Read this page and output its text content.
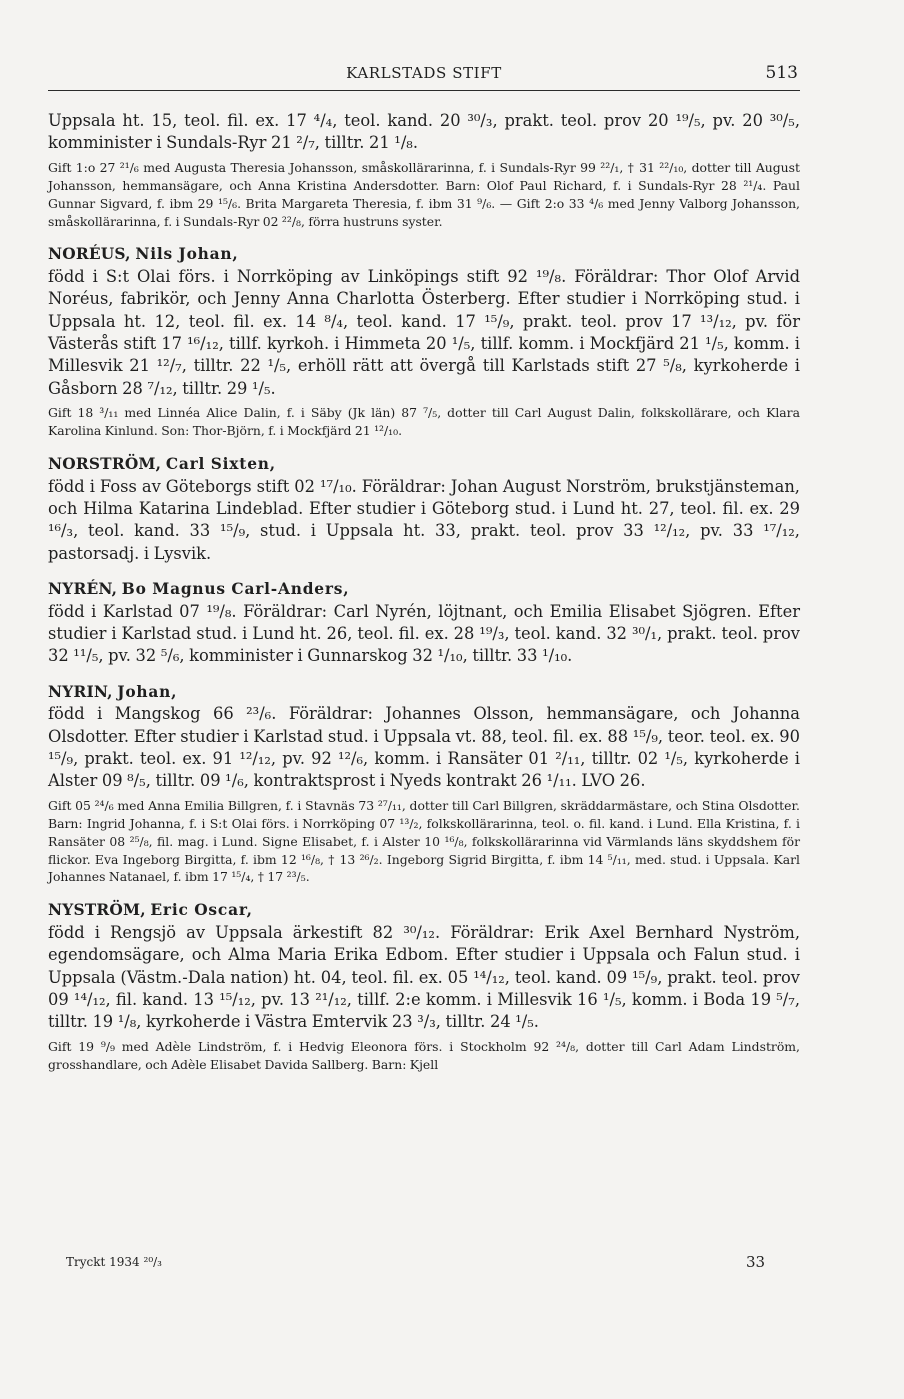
KARLSTADS STIFT	513

Uppsala ht. 15, teol. fil. ex. 17 ⁴/₄, teol. kand. 20 ³⁰/₃, prakt. teol. prov 20 ¹⁹/₅, pv. 20 ³⁰/₅, komminister i Sundals-Ryr 21 ²/₇, tilltr. 21 ¹/₈.

Gift 1:o 27 ²¹/₆ med Augusta Theresia Johansson, småskollärarinna, f. i Sundals-Ryr 99 ²²/₁, † 31 ²²/₁₀, dotter till August Johansson, hemmansägare, och Anna Kristina Andersdotter. Barn: Olof Paul Richard, f. i Sundals-Ryr 28 ²¹/₄. Paul Gunnar Sigvard, f. ibm 29 ¹⁵/₆. Brita Margareta Theresia, f. ibm 31 ⁹/₆. — Gift 2:o 33 ⁴/₆ med Jenny Valborg Johansson, småskollärarinna, f. i Sundals-Ryr 02 ²²/₈, förra hustruns syster.

NORÉUS, Nils Johan,

född i S:t Olai förs. i Norrköping av Linköpings stift 92 ¹⁹/₈. Föräldrar: Thor Olof Arvid Noréus, fabrikör, och Jenny Anna Charlotta Österberg. Efter studier i Norrköping stud. i Uppsala ht. 12, teol. fil. ex. 14 ⁸/₄, teol. kand. 17 ¹⁵/₉, prakt. teol. prov 17 ¹³/₁₂, pv. för Västerås stift 17 ¹⁶/₁₂, tillf. kyrkoh. i Himmeta 20 ¹/₅, tillf. komm. i Mockfjärd 21 ¹/₅, komm. i Millesvik 21 ¹²/₇, tilltr. 22 ¹/₅, erhöll rätt att övergå till Karlstads stift 27 ⁵/₈, kyrkoherde i Gåsborn 28 ⁷/₁₂, tilltr. 29 ¹/₅.

Gift 18 ³/₁₁ med Linnéa Alice Dalin, f. i Säby (Jk län) 87 ⁷/₅, dotter till Carl August Dalin, folkskollärare, och Klara Karolina Kinlund. Son: Thor-Björn, f. i Mockfjärd 21 ¹²/₁₀.

NORSTRÖM, Carl Sixten,

född i Foss av Göteborgs stift 02 ¹⁷/₁₀. Föräldrar: Johan August Norström, brukstjänsteman, och Hilma Katarina Lindeblad. Efter studier i Göteborg stud. i Lund ht. 27, teol. fil. ex. 29 ¹⁶/₃, teol. kand. 33 ¹⁵/₉, stud. i Uppsala ht. 33, prakt. teol. prov 33 ¹²/₁₂, pv. 33 ¹⁷/₁₂, pastorsadj. i Lysvik.

NYRÉN, Bo Magnus Carl-Anders,

född i Karlstad 07 ¹⁹/₈. Föräldrar: Carl Nyrén, löjtnant, och Emilia Elisabet Sjögren. Efter studier i Karlstad stud. i Lund ht. 26, teol. fil. ex. 28 ¹⁹/₃, teol. kand. 32 ³⁰/₁, prakt. teol. prov 32 ¹¹/₅, pv. 32 ⁵/₆, komminister i Gunnarskog 32 ¹/₁₀, tilltr. 33 ¹/₁₀.

NYRIN, Johan,

född i Mangskog 66 ²³/₆. Föräldrar: Johannes Olsson, hemmansägare, och Johanna Olsdotter. Efter studier i Karlstad stud. i Uppsala vt. 88, teol. fil. ex. 88 ¹⁵/₉, teor. teol. ex. 90 ¹⁵/₉, prakt. teol. ex. 91 ¹²/₁₂, pv. 92 ¹²/₆, komm. i Ransäter 01 ²/₁₁, tilltr. 02 ¹/₅, kyrkoherde i Alster 09 ⁸/₅, tilltr. 09 ¹/₆, kontraktsprost i Nyeds kontrakt 26 ¹/₁₁. LVO 26.

Gift 05 ²⁴/₆ med Anna Emilia Billgren, f. i Stavnäs 73 ²⁷/₁₁, dotter till Carl Billgren, skräddarmästare, och Stina Olsdotter. Barn: Ingrid Johanna, f. i S:t Olai förs. i Norrköping 07 ¹³/₂, folkskollärarinna, teol. o. fil. kand. i Lund. Ella Kristina, f. i Ransäter 08 ²⁵/₈, fil. mag. i Lund. Signe Elisabet, f. i Alster 10 ¹⁶/₈, folkskollärarinna vid Värmlands läns skyddshem för flickor. Eva Ingeborg Birgitta, f. ibm 12 ¹⁶/₈, † 13 ²⁶/₂. Ingeborg Sigrid Birgitta, f. ibm 14 ⁵/₁₁, med. stud. i Uppsala. Karl Johannes Natanael, f. ibm 17 ¹⁵/₄, † 17 ²³/₅.

NYSTRÖM, Eric Oscar,

född i Rengsjö av Uppsala ärkestift 82 ³⁰/₁₂. Föräldrar: Erik Axel Bernhard Nyström, egendomsägare, och Alma Maria Erika Edbom. Efter studier i Uppsala och Falun stud. i Uppsala (Västm.-Dala nation) ht. 04, teol. fil. ex. 05 ¹⁴/₁₂, teol. kand. 09 ¹⁵/₉, prakt. teol. prov 09 ¹⁴/₁₂, fil. kand. 13 ¹⁵/₁₂, pv. 13 ²¹/₁₂, tillf. 2:e komm. i Millesvik 16 ¹/₅, komm. i Boda 19 ⁵/₇, tilltr. 19 ¹/₈, kyrkoherde i Västra Emtervik 23 ³/₃, tilltr. 24 ¹/₅.

Gift 19 ⁹/₉ med Adèle Lindström, f. i Hedvig Eleonora förs. i Stockholm 92 ²⁴/₈, dotter till Carl Adam Lindström, grosshandlare, och Adèle Elisabet Davida Sallberg. Barn: Kjell

Tryckt 1934 ²⁰/₃	33
